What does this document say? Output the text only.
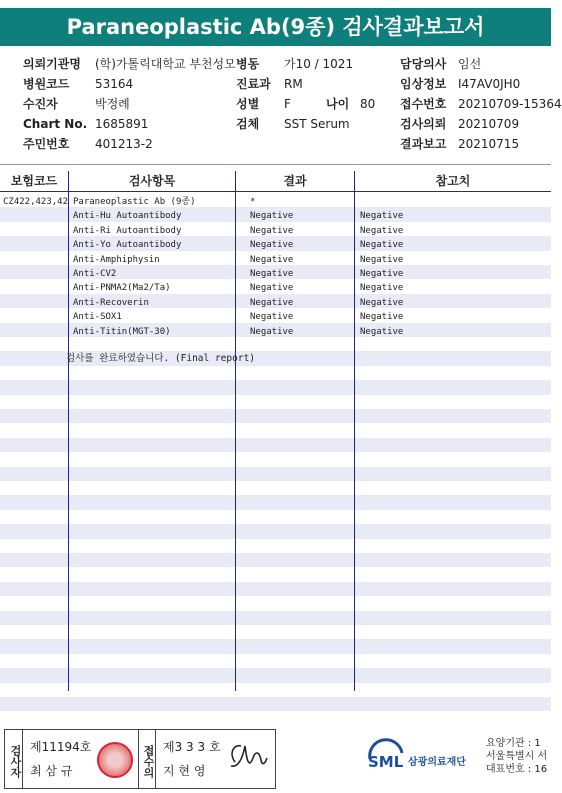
Paraneoplastic Ab(9종) 검사결과보고서
의뢰기관명 (학)가톨릭대학교 부천성모 병동 가10 / 1021	담당의사 임선
병원코드 53164	진료과 RM	임상정보 I47AV0JH0
수진자	박정례	성별 F	나이 80 접수번호 20210709-15364
Chart No. 1685891	검체 SST Serum	검사의뢰 20210709
주민번호 401213-2	결과보고 20210715
보험코드	검사항목	결과	참고치
CZ422,423,42 Paraneoplastic Ab (9종)	*
Anti-Hu Autoantibody	Negative	Negative
Anti-Ri Autoantibody	Negative	Negative
Anti-Yo Autoantibody	Negative	Negative
Anti-Amphiphysin	Negative	Negative
Anti-CV2	Negative	Negative
Anti-PNMA2(Ma2/Ta)	Negative	Negative
Anti-Recoverin	Negative	Negative
Anti-SOX1	Negative	Negative
Anti-Titin(MGT-30)	Negative	Negative
검사를 완료하였습니다. (Final report)
검사자 제11194호
최 삼 규	접수의 제3 3 3 호
지 현 영	SML 삼광의료재단
요양기관 : 1
서울특별시 서
대표번호 : 16
